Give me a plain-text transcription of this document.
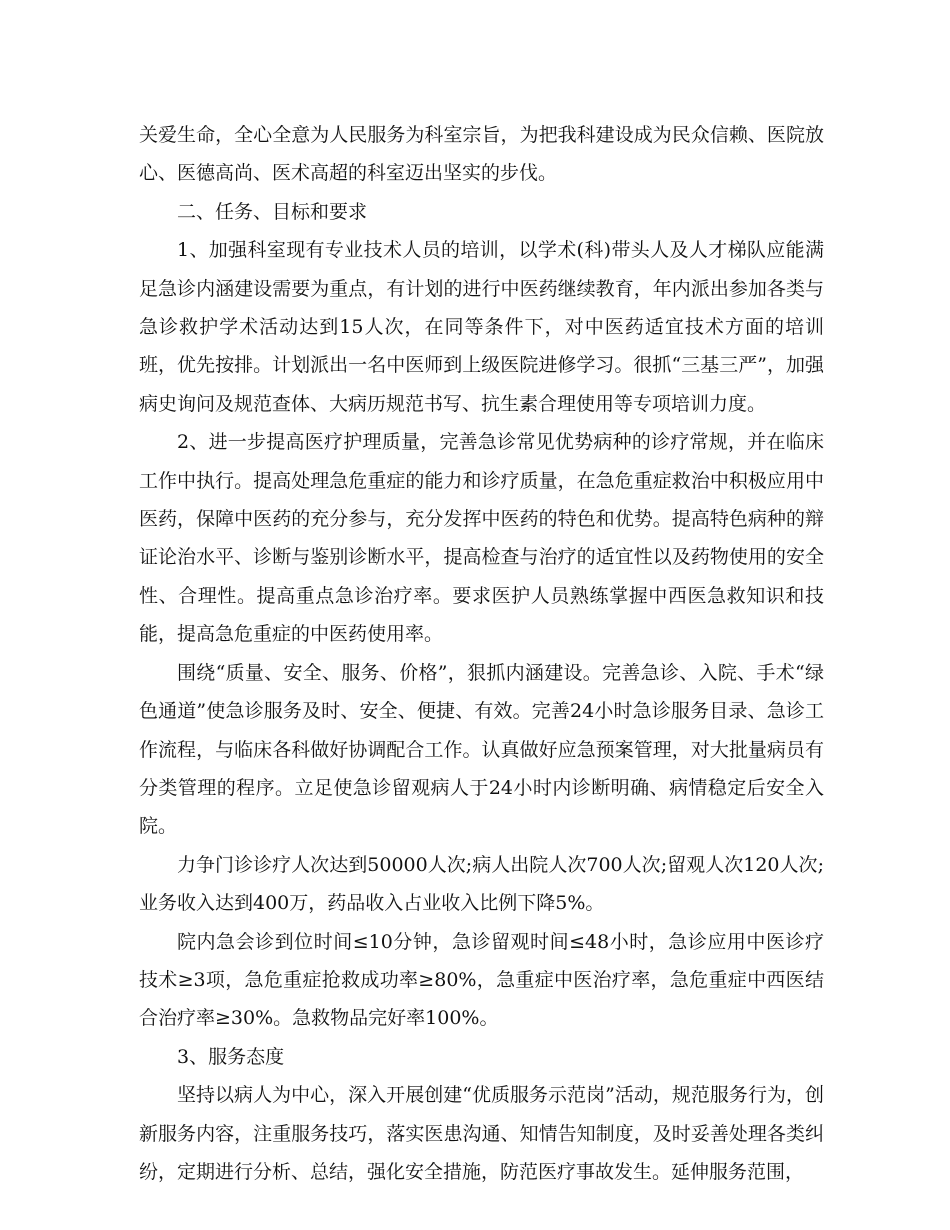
关爱生命，全心全意为人民服务为科室宗旨，为把我科建设成为民众信赖、医院放心、医德高尚、医术高超的科室迈出坚实的步伐。

二、任务、目标和要求

1、加强科室现有专业技术人员的培训，以学术(科)带头人及人才梯队应能满足急诊内涵建设需要为重点，有计划的进行中医药继续教育，年内派出参加各类与急诊救护学术活动达到15人次，在同等条件下，对中医药适宜技术方面的培训班，优先按排。计划派出一名中医师到上级医院进修学习。很抓“三基三严”，加强病史询问及规范查体、大病历规范书写、抗生素合理使用等专项培训力度。

2、进一步提高医疗护理质量，完善急诊常见优势病种的诊疗常规，并在临床工作中执行。提高处理急危重症的能力和诊疗质量，在急危重症救治中积极应用中医药，保障中医药的充分参与，充分发挥中医药的特色和优势。提高特色病种的辩证论治水平、诊断与鉴别诊断水平，提高检查与治疗的适宜性以及药物使用的安全性、合理性。提高重点急诊治疗率。要求医护人员熟练掌握中西医急救知识和技能，提高急危重症的中医药使用率。

围绕“质量、安全、服务、价格”，狠抓内涵建设。完善急诊、入院、手术“绿色通道”使急诊服务及时、安全、便捷、有效。完善24小时急诊服务目录、急诊工作流程，与临床各科做好协调配合工作。认真做好应急预案管理，对大批量病员有分类管理的程序。立足使急诊留观病人于24小时内诊断明确、病情稳定后安全入院。

力争门诊诊疗人次达到50000人次;病人出院人次700人次;留观人次120人次;业务收入达到400万，药品收入占业收入比例下降5%。

院内急会诊到位时间≤10分钟，急诊留观时间≤48小时，急诊应用中医诊疗技术≥3项，急危重症抢救成功率≥80%，急重症中医治疗率，急危重症中西医结合治疗率≥30%。急救物品完好率100%。

3、服务态度

坚持以病人为中心，深入开展创建“优质服务示范岗”活动，规范服务行为，创新服务内容，注重服务技巧，落实医患沟通、知情告知制度，及时妥善处理各类纠纷，定期进行分析、总结，强化安全措施，防范医疗事故发生。延伸服务范围，
